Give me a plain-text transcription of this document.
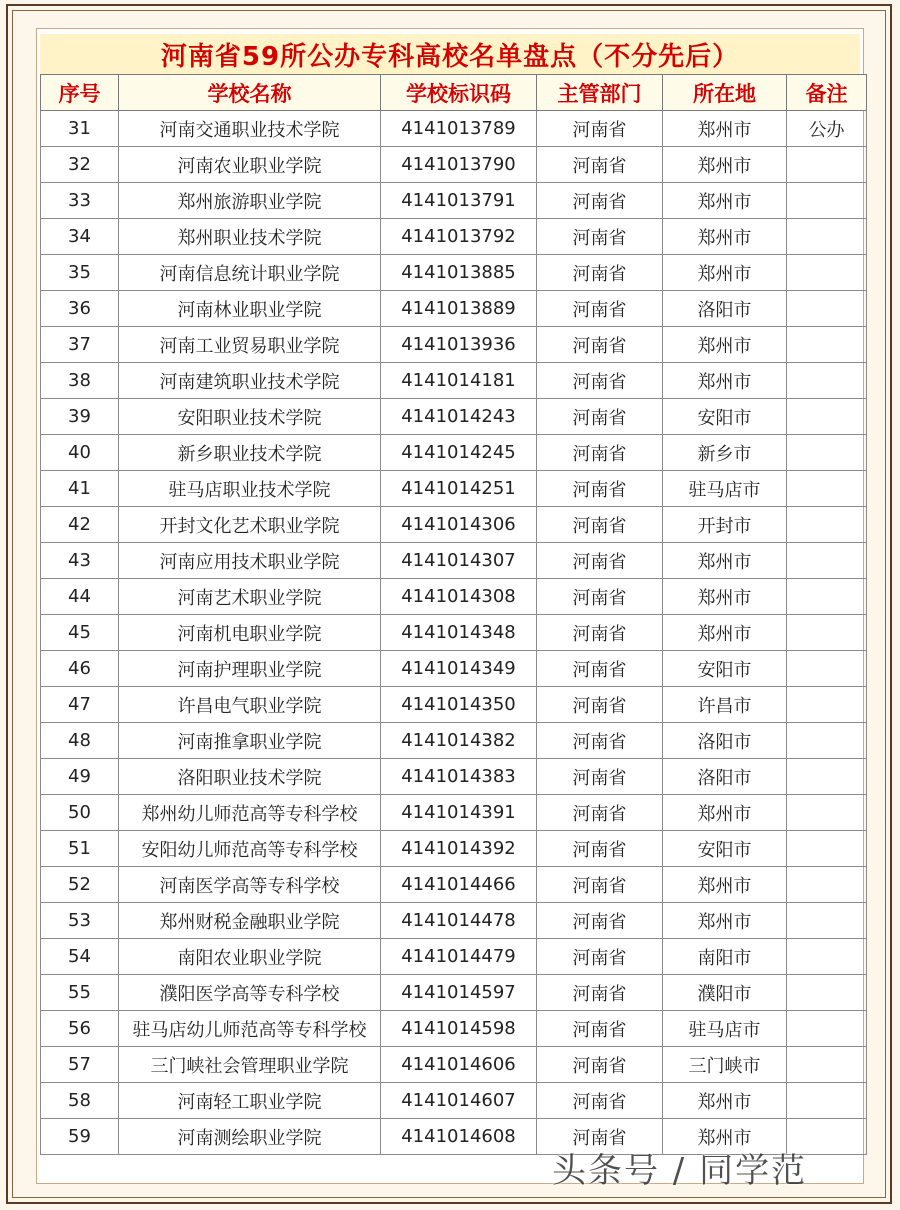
河南省59所公办专科高校名单盘点（不分先后）
序号	学校名称	学校标识码	主管部门	所在地	备注
31	河南交通职业技术学院	4141013789	河南省	郑州市	公办
32	河南农业职业学院	4141013790	河南省	郑州市	
33	郑州旅游职业学院	4141013791	河南省	郑州市	
34	郑州职业技术学院	4141013792	河南省	郑州市	
35	河南信息统计职业学院	4141013885	河南省	郑州市	
36	河南林业职业学院	4141013889	河南省	洛阳市	
37	河南工业贸易职业学院	4141013936	河南省	郑州市	
38	河南建筑职业技术学院	4141014181	河南省	郑州市	
39	安阳职业技术学院	4141014243	河南省	安阳市	
40	新乡职业技术学院	4141014245	河南省	新乡市	
41	驻马店职业技术学院	4141014251	河南省	驻马店市	
42	开封文化艺术职业学院	4141014306	河南省	开封市	
43	河南应用技术职业学院	4141014307	河南省	郑州市	
44	河南艺术职业学院	4141014308	河南省	郑州市	
45	河南机电职业学院	4141014348	河南省	郑州市	
46	河南护理职业学院	4141014349	河南省	安阳市	
47	许昌电气职业学院	4141014350	河南省	许昌市	
48	河南推拿职业学院	4141014382	河南省	洛阳市	
49	洛阳职业技术学院	4141014383	河南省	洛阳市	
50	郑州幼儿师范高等专科学校	4141014391	河南省	郑州市	
51	安阳幼儿师范高等专科学校	4141014392	河南省	安阳市	
52	河南医学高等专科学校	4141014466	河南省	郑州市	
53	郑州财税金融职业学院	4141014478	河南省	郑州市	
54	南阳农业职业学院	4141014479	河南省	南阳市	
55	濮阳医学高等专科学校	4141014597	河南省	濮阳市	
56	驻马店幼儿师范高等专科学校	4141014598	河南省	驻马店市	
57	三门峡社会管理职业学院	4141014606	河南省	三门峡市	
58	河南轻工职业学院	4141014607	河南省	郑州市	
59	河南测绘职业学院	4141014608	河南省	郑州市	
头条号 / 同学范
